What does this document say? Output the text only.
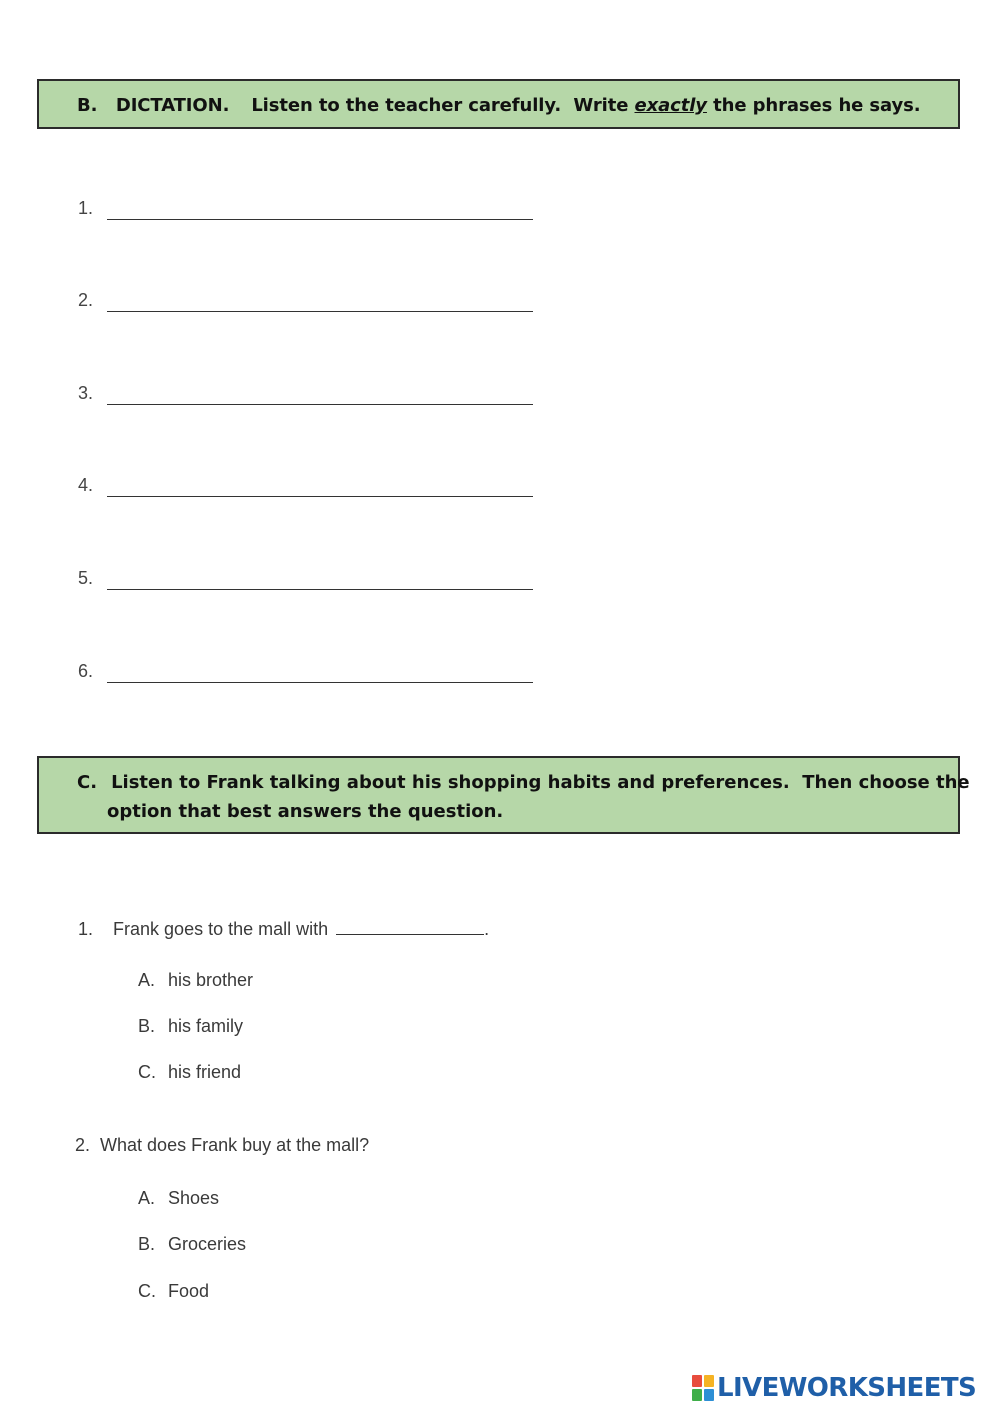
B. DICTATION. Listen to the teacher carefully.  Write exactly the phrases he says.
1.
2.
3.
4.
5.
6.
C. Listen to Frank talking about his shopping habits and preferences.  Then choose the
option that best answers the question.
1. Frank goes to the mall with	.
A. his brother
B. his family
C. his friend
2. What does Frank buy at the mall?
A. Shoes
B. Groceries
C. Food
LIVEWORKSHEETS
